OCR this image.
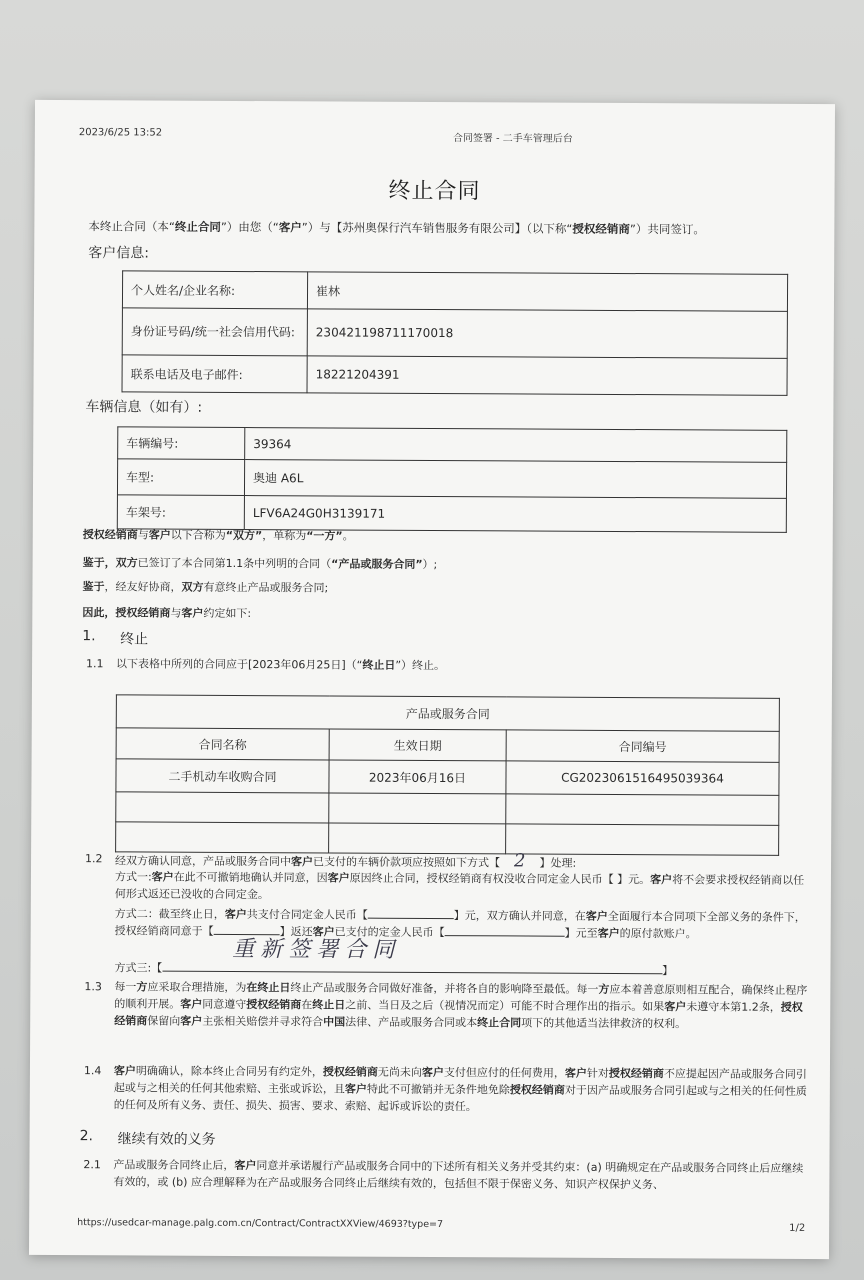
2023/6/25 13:52
合同签署 - 二手车管理后台
终止合同
本终止合同（本“终止合同”）由您（“客户”）与【苏州奥保行汽车销售服务有限公司】（以下称“授权经销商”）共同签订。
客户信息:
个人姓名/企业名称:	崔林
身份证号码/统一社会信用代码:	230421198711170018
联系电话及电子邮件:	18221204391
车辆信息（如有）:
车辆编号:	39364
车型:	奥迪 A6L
车架号:	LFV6A24G0H3139171
授权经销商与客户以下合称为“双方”，单称为“一方”。
鉴于，双方已签订了本合同第1.1条中列明的合同（“产品或服务合同”）;
鉴于，经友好协商，双方有意终止产品或服务合同;
因此，授权经销商与客户约定如下:
1. 终止
1.1 以下表格中所列的合同应于[2023年06月25日]（“终止日”）终止。
产品或服务合同		
合同名称	生效日期	合同编号
二手机动车收购合同	2023年06月16日	CG2023061516495039364

1.2 经双方确认同意，产品或服务合同中客户已支付的车辆价款项应按照如下方式【 2 】处理:
方式一:客户在此不可撤销地确认并同意，因客户原因终止合同，授权经销商有权没收合同定金人民币【 】元。客户将不会要求授权经销商以任何形式返还已没收的合同定金。
方式二：截至终止日，客户共支付合同定金人民币【	】元，双方确认并同意，在客户全面履行本合同项下全部义务的条件下，授权经销商同意于【	】返还客户已支付的定金人民币【	】元至客户的原付款账户。
方式三:【
重新签署合同
】
1.3 每一方应采取合理措施，为在终止日终止产品或服务合同做好准备，并将各自的影响降至最低。每一方应本着善意原则相互配合，确保终止程序的顺利开展。客户同意遵守授权经销商在终止日之前、当日及之后（视情况而定）可能不时合理作出的指示。如果客户未遵守本第1.2条，授权经销商保留向客户主张相关赔偿并寻求符合中国法律、产品或服务合同或本终止合同项下的其他适当法律救济的权利。
1.4 客户明确确认，除本终止合同另有约定外，授权经销商无尚未向客户支付但应付的任何费用，客户针对授权经销商不应提起因产品或服务合同引起或与之相关的任何其他索赔、主张或诉讼，且客户特此不可撤销并无条件地免除授权经销商对于因产品或服务合同引起或与之相关的任何性质的任何及所有义务、责任、损失、损害、要求、索赔、起诉或诉讼的责任。
2. 继续有效的义务
2.1 产品或服务合同终止后，客户同意并承诺履行产品或服务合同中的下述所有相关义务并受其约束：(a) 明确规定在产品或服务合同终止后应继续有效的，或 (b) 应合理解释为在产品或服务合同终止后继续有效的，包括但不限于保密义务、知识产权保护义务、
https://usedcar-manage.palg.com.cn/Contract/ContractXXView/4693?type=7	1/2
